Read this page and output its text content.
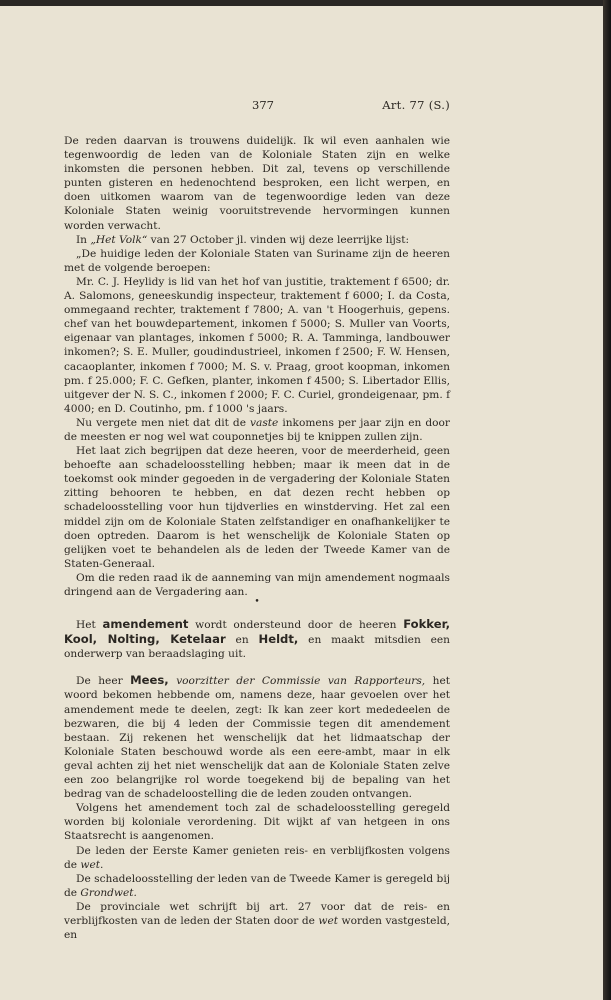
377	Art. 77 (S.)

De reden daarvan is trouwens duidelijk. Ik wil even aanhalen wie tegenwoordig de leden van de Koloniale Staten zijn en welke inkomsten die personen hebben. Dit zal, tevens op verschillende punten gisteren en hedenochtend besproken, een licht werpen, en doen uitkomen waarom van de tegenwoordige leden van deze Koloniale Staten weinig vooruitstrevende hervormingen kunnen worden verwacht.

In „Het Volk“ van 27 October jl. vinden wij deze leerrijke lijst:

„De huidige leden der Koloniale Staten van Suriname zijn de heeren met de volgende beroepen:

Mr. C. J. Heylidy is lid van het hof van justitie, traktement f 6500; dr. A. Salomons, geneeskundig inspecteur, traktement f 6000; I. da Costa, ommegaand rechter, traktement f 7800; A. van 't Hoogerhuis, gepens. chef van het bouwdepartement, inkomen f 5000; S. Muller van Voorts, eigenaar van plantages, inkomen f 5000; R. A. Tamminga, landbouwer inkomen?; S. E. Muller, goudindustrieel, inkomen f 2500; F. W. Hensen, cacaoplanter, inkomen f 7000; M. S. v. Praag, groot koopman, inkomen pm. f 25.000; F. C. Gefken, planter, inkomen f 4500; S. Libertador Ellis, uitgever der N. S. C., inkomen f 2000; F. C. Curiel, grondeigenaar, pm. f 4000; en D. Coutinho, pm. f 1000 's jaars.

Nu vergete men niet dat dit de vaste inkomens per jaar zijn en door de meesten er nog wel wat couponnetjes bij te knippen zullen zijn.

Het laat zich begrijpen dat deze heeren, voor de meerderheid, geen behoefte aan schadeloosstelling hebben; maar ik meen dat in de toekomst ook minder gegoeden in de vergadering der Koloniale Staten zitting behooren te hebben, en dat dezen recht hebben op schadeloosstelling voor hun tijdverlies en winstderving. Het zal een middel zijn om de Koloniale Staten zelfstandiger en onafhankelijker te doen optreden. Daarom is het wenschelijk de Koloniale Staten op gelijken voet te behandelen als de leden der Tweede Kamer van de Staten-Generaal.

Om die reden raad ik de aanneming van mijn amendement nogmaals dringend aan de Vergadering aan.

•

Het amendement wordt ondersteund door de heeren Fokker, Kool, Nolting, Ketelaar en Heldt, en maakt mitsdien een onderwerp van beraadslaging uit.

De heer Mees, voorzitter der Commissie van Rapporteurs, het woord bekomen hebbende om, namens deze, haar gevoelen over het amendement mede te deelen, zegt: Ik kan zeer kort mededeelen de bezwaren, die bij 4 leden der Commissie tegen dit amendement bestaan. Zij rekenen het wenschelijk dat het lidmaatschap der Koloniale Staten beschouwd worde als een eere-ambt, maar in elk geval achten zij het niet wenschelijk dat aan de Koloniale Staten zelve een zoo belangrijke rol worde toegekend bij de bepaling van het bedrag van de schadeloostelling die de leden zouden ontvangen.

Volgens het amendement toch zal de schadeloosstelling geregeld worden bij koloniale verordening. Dit wijkt af van hetgeen in ons Staatsrecht is aangenomen.

De leden der Eerste Kamer genieten reis- en verblijfkosten volgens de wet.

De schadeloosstelling der leden van de Tweede Kamer is geregeld bij de Grondwet.

De provinciale wet schrijft bij art. 27 voor dat de reis- en verblijfkosten van de leden der Staten door de wet worden vastgesteld, en
